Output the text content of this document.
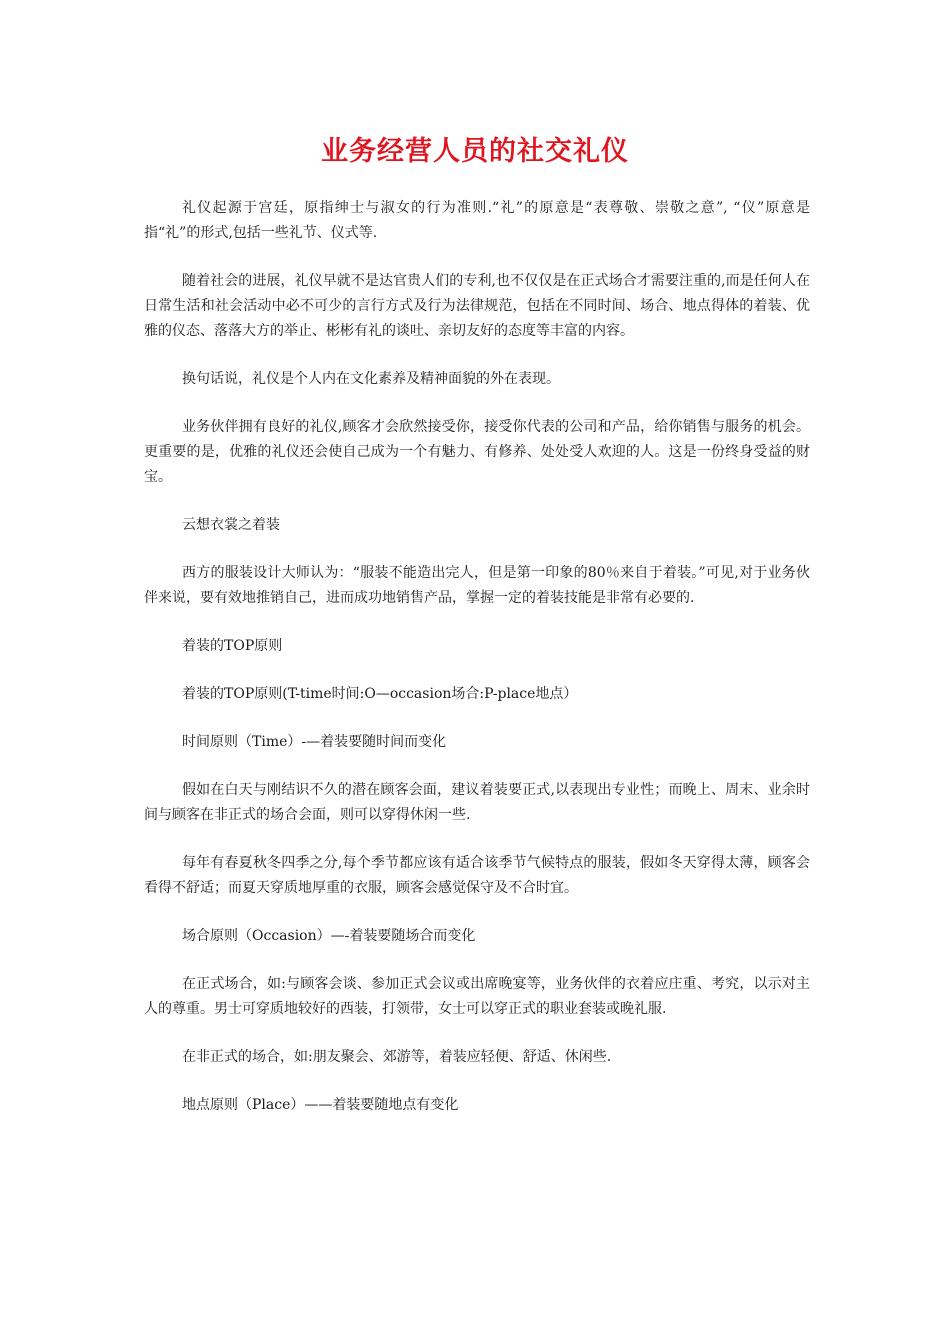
业务经营人员的社交礼仪

礼仪起源于宫廷，原指绅士与淑女的行为准则.“礼”的原意是“表尊敬、崇敬之意”, “仪”原意是指“礼”的形式,包括一些礼节、仪式等.

随着社会的进展，礼仪早就不是达官贵人们的专利,也不仅仅是在正式场合才需要注重的,而是任何人在日常生活和社会活动中必不可少的言行方式及行为法律规范，包括在不同时间、场合、地点得体的着装、优雅的仪态、落落大方的举止、彬彬有礼的谈吐、亲切友好的态度等丰富的内容。

换句话说，礼仪是个人内在文化素养及精神面貌的外在表现。

业务伙伴拥有良好的礼仪,顾客才会欣然接受你，接受你代表的公司和产品，给你销售与服务的机会。更重要的是，优雅的礼仪还会使自己成为一个有魅力、有修养、处处受人欢迎的人。这是一份终身受益的财宝。

云想衣裳之着装

西方的服装设计大师认为：“服装不能造出完人，但是第一印象的80％来自于着装。”可见,对于业务伙伴来说，要有效地推销自己，进而成功地销售产品，掌握一定的着装技能是非常有必要的.

着装的TOP原则

着装的TOP原则(T-time时间:O—occasion场合:P-place地点）

时间原则（Time）-—着装要随时间而变化

假如在白天与刚结识不久的潜在顾客会面，建议着装要正式,以表现出专业性；而晚上、周末、业余时间与顾客在非正式的场合会面，则可以穿得休闲一些.

每年有春夏秋冬四季之分,每个季节都应该有适合该季节气候特点的服装，假如冬天穿得太薄，顾客会看得不舒适；而夏天穿质地厚重的衣服，顾客会感觉保守及不合时宜。

场合原则（Occasion）—-着装要随场合而变化

在正式场合，如:与顾客会谈、参加正式会议或出席晚宴等，业务伙伴的衣着应庄重、考究，以示对主人的尊重。男士可穿质地较好的西装，打领带，女士可以穿正式的职业套装或晚礼服.

在非正式的场合，如:朋友聚会、郊游等，着装应轻便、舒适、休闲些.

地点原则（Place）——着装要随地点有变化
